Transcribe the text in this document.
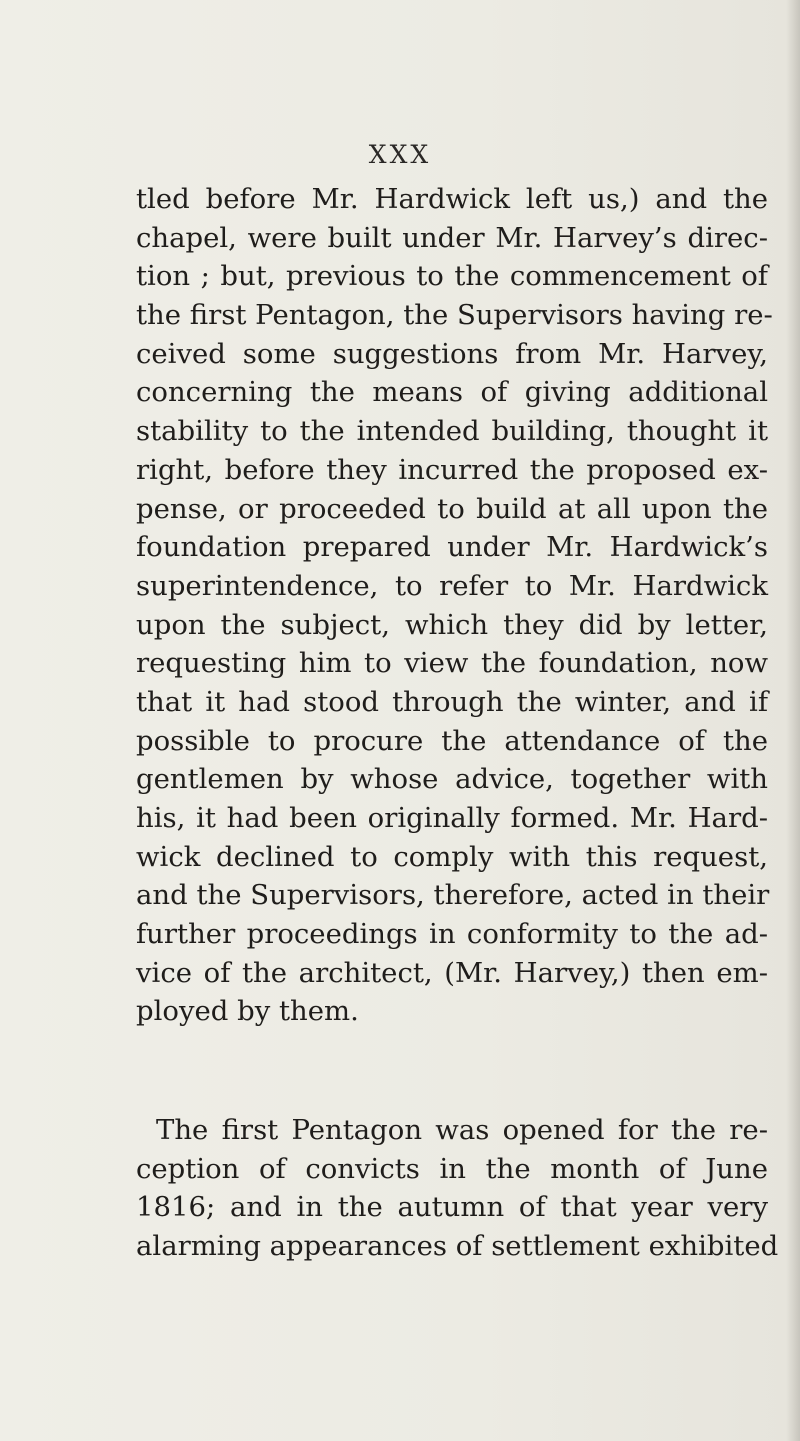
XXX
tled before Mr. Hardwick left us,) and the
chapel, were built under Mr. Harvey’s direc-
tion ; but, previous to the commencement of
the first Pentagon, the Supervisors having re-
ceived some suggestions from Mr. Harvey,
concerning the means of giving additional
stability to the intended building, thought it
right, before they incurred the proposed ex-
pense, or proceeded to build at all upon the
foundation prepared under Mr. Hardwick’s
superintendence, to refer to Mr. Hardwick
upon the subject, which they did by letter,
requesting him to view the foundation, now
that it had stood through the winter, and if
possible to procure the attendance of the
gentlemen by whose advice, together with
his, it had been originally formed. Mr. Hard-
wick declined to comply with this request,
and the Supervisors, therefore, acted in their
further proceedings in conformity to the ad-
vice of the architect, (Mr. Harvey,) then em-
ployed by them.
The first Pentagon was opened for the re-
ception of convicts in the month of June
1816; and in the autumn of that year very
alarming appearances of settlement exhibited
